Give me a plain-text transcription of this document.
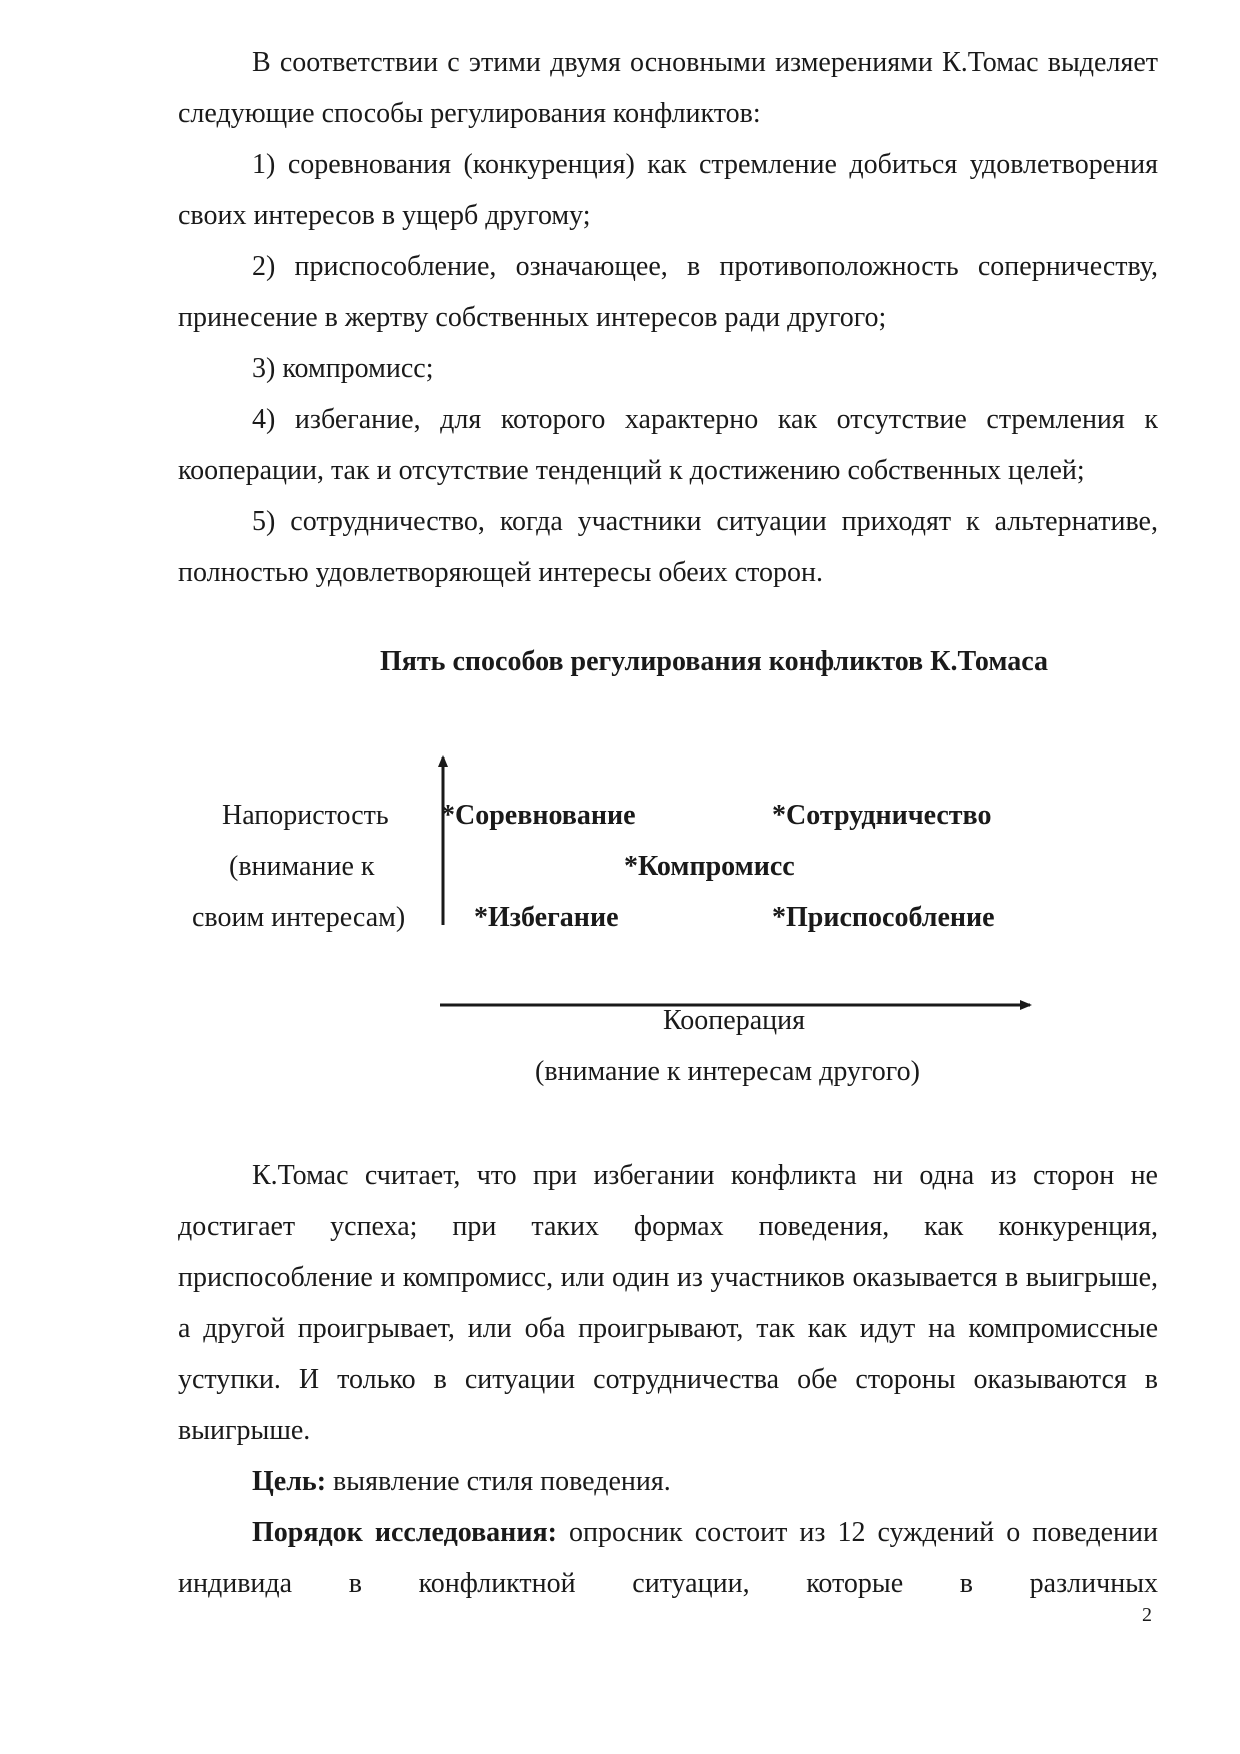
В соответствии с этими двумя основными измерениями К.Томас выделяет следующие способы регулирования конфликтов:

1) соревнования (конкуренция) как стремление добиться удовлетворения своих интересов в ущерб другому;

2) приспособление, означающее, в противоположность соперничеству, принесение в жертву собственных интересов ради другого;

3) компромисс;

4) избегание, для которого характерно как отсутствие стремления к кооперации, так и отсутствие тенденций к достижению собственных целей;

5) сотрудничество, когда участники ситуации приходят к альтернативе, полностью удовлетворяющей интересы обеих сторон.

Пять способов регулирования конфликтов К.Томаса
Напористость
(внимание к
своим интересам)
*Соревнование	*Сотрудничество
*Компромисс
*Избегание	*Приспособление
Кооперация
(внимание к интересам другого)

К.Томас считает, что при избегании конфликта ни одна из сторон не достигает успеха; при таких формах поведения, как конкуренция, приспособление и компромисс, или один из участников оказывается в выигрыше, а другой проигрывает, или оба проигрывают, так как идут на компромиссные уступки. И только в ситуации сотрудничества обе стороны оказываются в выигрыше.

Цель: выявление стиля поведения.

Порядок исследования: опросник состоит из 12 суждений о поведении индивида в конфликтной ситуации, которые в различных

2
